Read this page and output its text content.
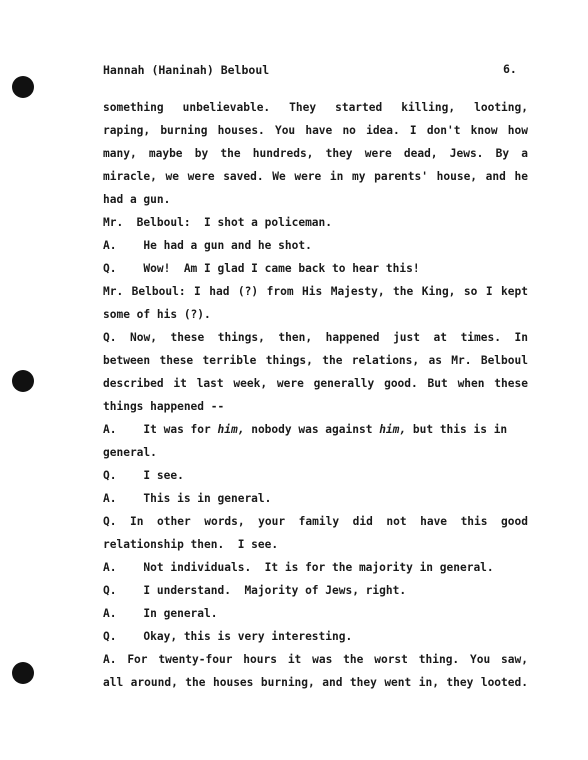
Hannah (Haninah) Belboul	6.
something unbelievable. They started killing, looting,
raping, burning houses. You have no idea. I don't know how
many, maybe by the hundreds, they were dead, Jews. By a
miracle, we were saved. We were in my parents' house, and he
had a gun.
Mr.  Belboul:  I shot a policeman.
A.    He had a gun and he shot.
Q.    Wow!  Am I glad I came back to hear this!
Mr. Belboul: I had (?) from His Majesty, the King, so I kept
some of his (?).
Q. Now, these things, then, happened just at times. In
between these terrible things, the relations, as Mr. Belboul
described it last week, were generally good. But when these
things happened --
A.    It was for him, nobody was against him, but this is in
general.
Q.    I see.
A.    This is in general.
Q. In other words, your family did not have this good
relationship then.  I see.
A.    Not individuals.  It is for the majority in general.
Q.    I understand.  Majority of Jews, right.
A.    In general.
Q.    Okay, this is very interesting.
A. For twenty-four hours it was the worst thing. You saw,
all around, the houses burning, and they went in, they looted.
